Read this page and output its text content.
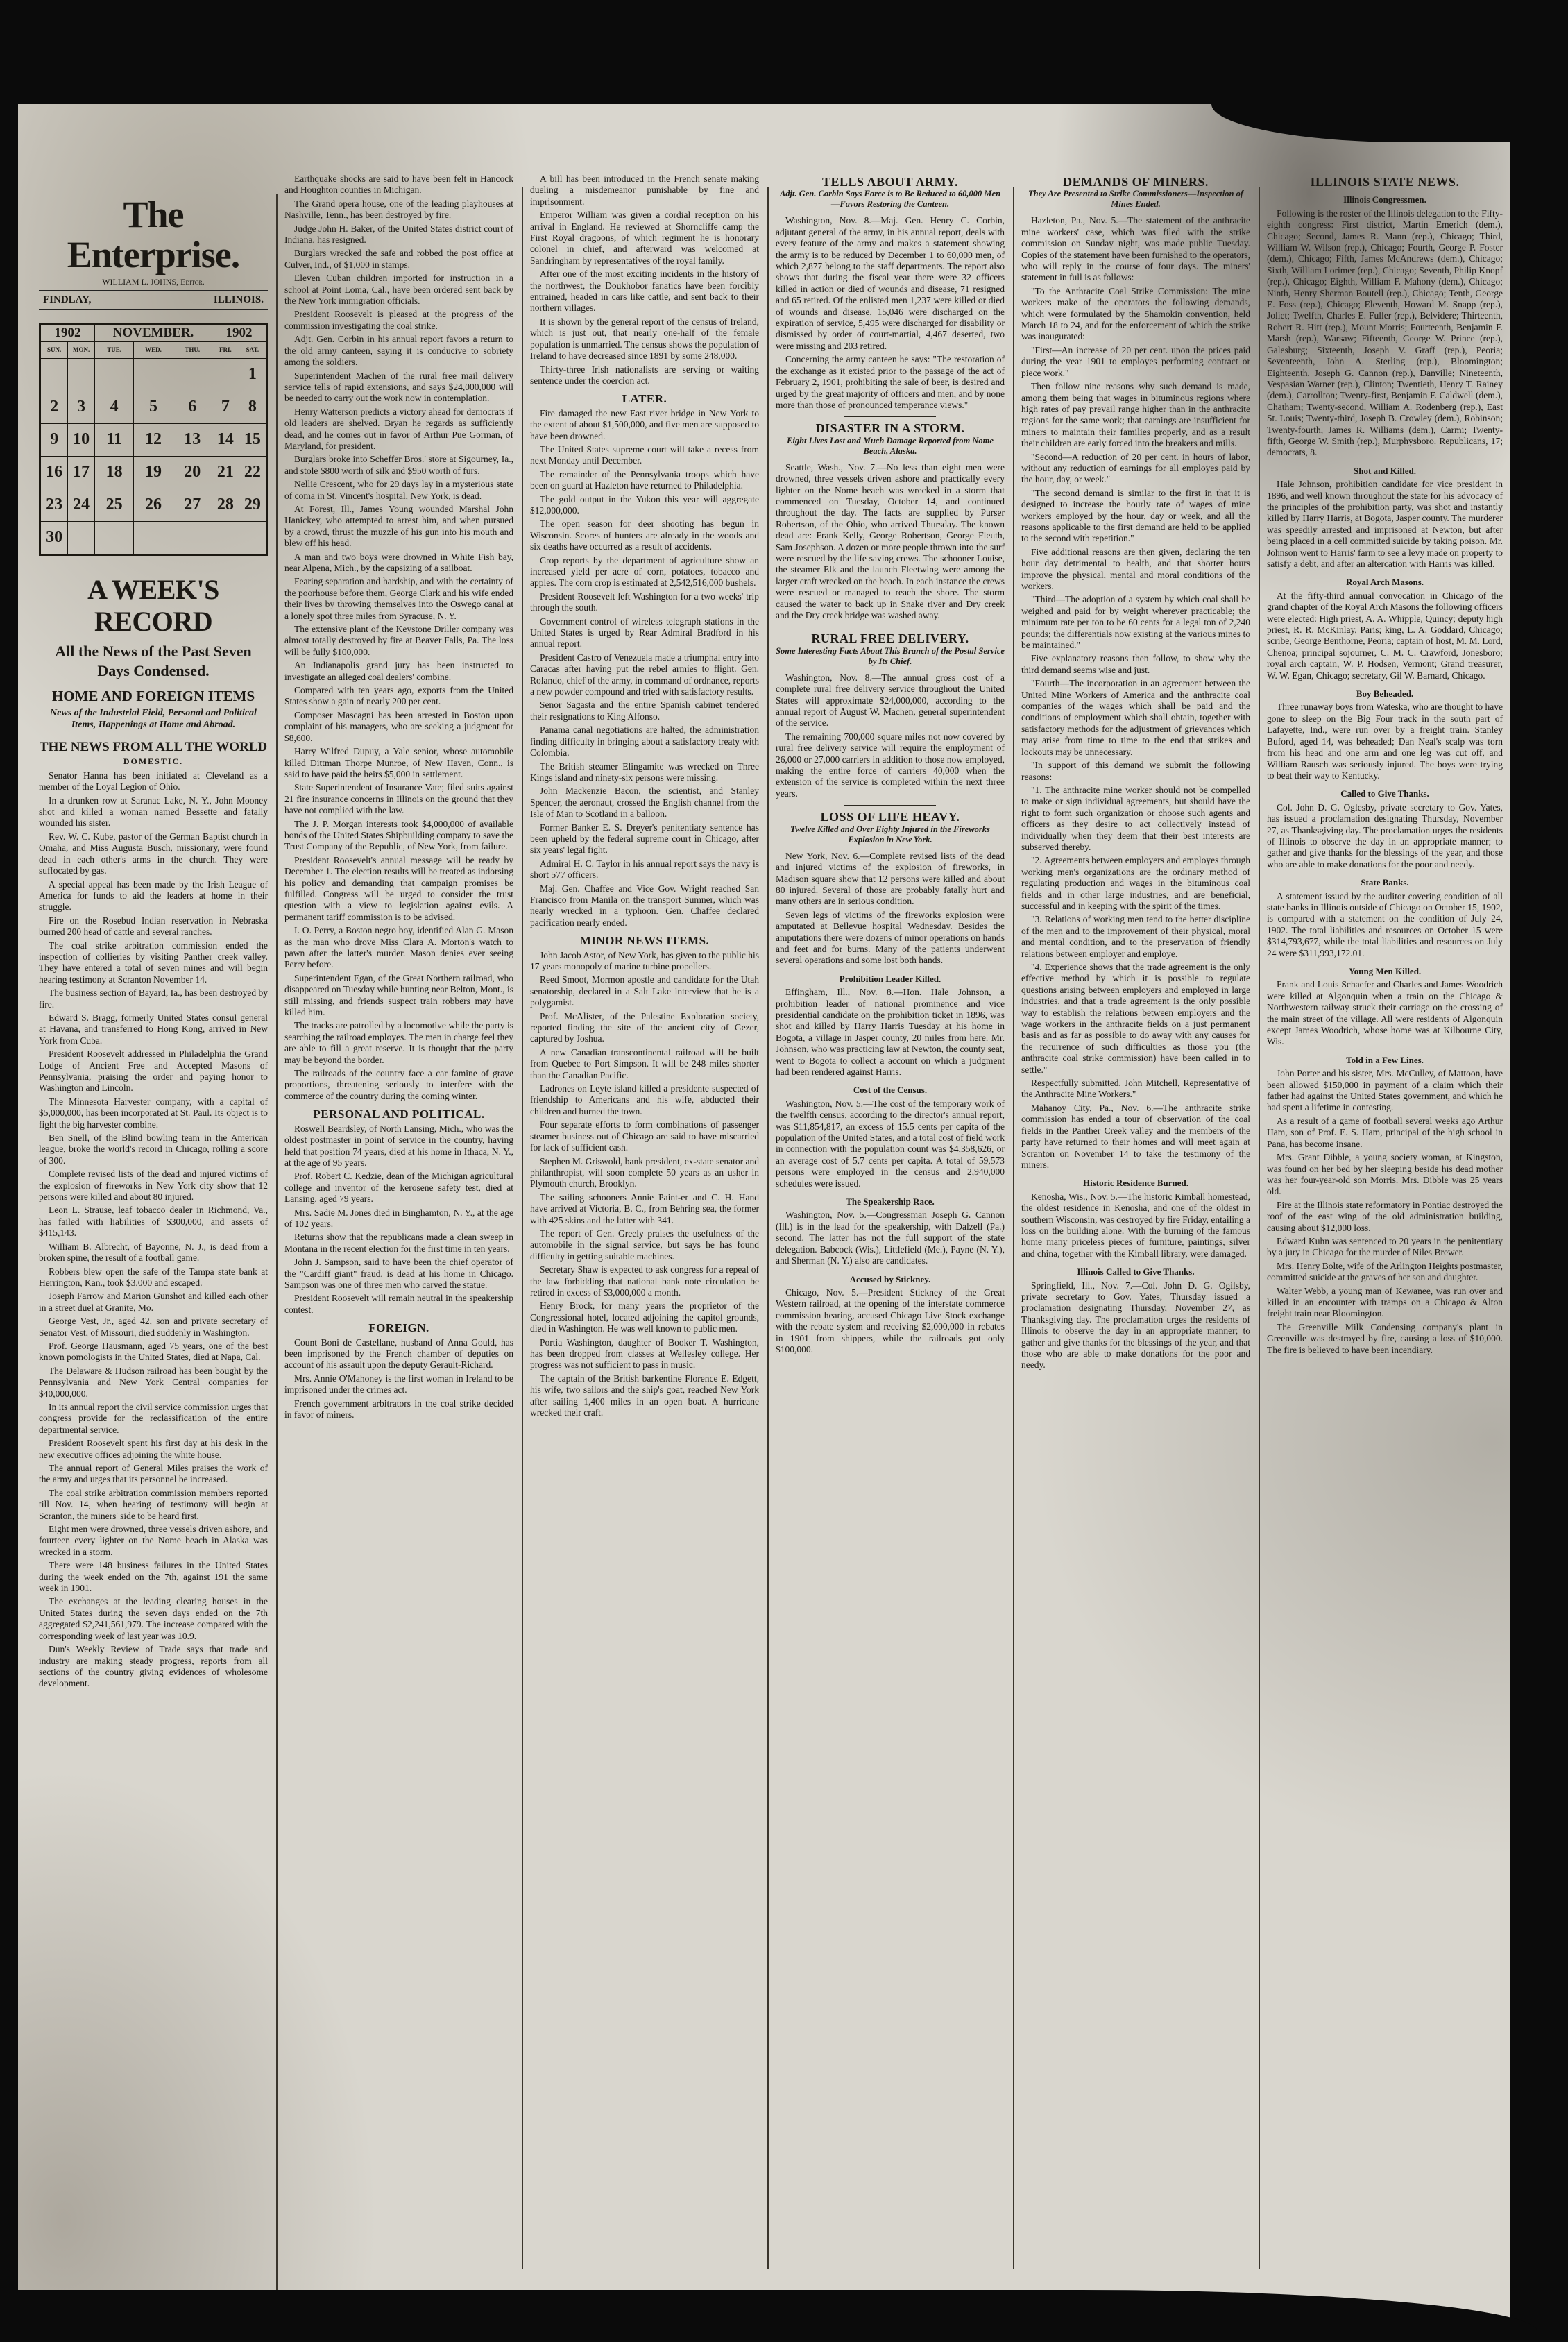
The Enterprise.
WILLIAM L. JOHNS, Editor.
FINDLAY,	ILLINOIS.
1902		NOVEMBER.			1902	
SUN.	MON.	TUE.	WED.	THU.	FRI.	SAT.
						1
2	3	4	5	6	7	8
9	10	11	12	13	14	15
16	17	18	19	20	21	22
23	24	25	26	27	28	29
30						
A WEEK'S RECORD
All the News of the Past Seven Days Condensed.
HOME AND FOREIGN ITEMS
News of the Industrial Field, Personal and Political Items, Happenings at Home and Abroad.
THE NEWS FROM ALL THE WORLD
DOMESTIC.

Senator Hanna has been initiated at Cleveland as a member of the Loyal Legion of Ohio.

In a drunken row at Saranac Lake, N. Y., John Mooney shot and killed a woman named Bessette and fatally wounded his sister.

Rev. W. C. Kube, pastor of the German Baptist church in Omaha, and Miss Augusta Busch, missionary, were found dead in each other's arms in the church. They were suffocated by gas.

A special appeal has been made by the Irish League of America for funds to aid the leaders at home in their struggle.

Fire on the Rosebud Indian reservation in Nebraska burned 200 head of cattle and several ranches.

The coal strike arbitration commission ended the inspection of collieries by visiting Panther creek valley. They have entered a total of seven mines and will begin hearing testimony at Scranton November 14.

The business section of Bayard, Ia., has been destroyed by fire.

Edward S. Bragg, formerly United States consul general at Havana, and transferred to Hong Kong, arrived in New York from Cuba.

President Roosevelt addressed in Philadelphia the Grand Lodge of Ancient Free and Accepted Masons of Pennsylvania, praising the order and paying honor to Washington and Lincoln.

The Minnesota Harvester company, with a capital of $5,000,000, has been incorporated at St. Paul. Its object is to fight the big harvester combine.

Ben Snell, of the Blind bowling team in the American league, broke the world's record in Chicago, rolling a score of 300.

Complete revised lists of the dead and injured victims of the explosion of fireworks in New York city show that 12 persons were killed and about 80 injured.

Leon L. Strause, leaf tobacco dealer in Richmond, Va., has failed with liabilities of $300,000, and assets of $415,143.

William B. Albrecht, of Bayonne, N. J., is dead from a broken spine, the result of a football game.

Robbers blew open the safe of the Tampa state bank at Herrington, Kan., took $3,000 and escaped.

Joseph Farrow and Marion Gunshot and killed each other in a street duel at Granite, Mo.

George Vest, Jr., aged 42, son and private secretary of Senator Vest, of Missouri, died suddenly in Washington.

Prof. George Hausmann, aged 75 years, one of the best known pomologists in the United States, died at Napa, Cal.

The Delaware & Hudson railroad has been bought by the Pennsylvania and New York Central companies for $40,000,000.

In its annual report the civil service commission urges that congress provide for the reclassification of the entire departmental service.

President Roosevelt spent his first day at his desk in the new executive offices adjoining the white house.

The annual report of General Miles praises the work of the army and urges that its personnel be increased.

The coal strike arbitration commission members reported till Nov. 14, when hearing of testimony will begin at Scranton, the miners' side to be heard first.

Eight men were drowned, three vessels driven ashore, and fourteen every lighter on the Nome beach in Alaska was wrecked in a storm.

There were 148 business failures in the United States during the week ended on the 7th, against 191 the same week in 1901.

The exchanges at the leading clearing houses in the United States during the seven days ended on the 7th aggregated $2,241,561,979. The increase compared with the corresponding week of last year was 10.9.

Dun's Weekly Review of Trade says that trade and industry are making steady progress, reports from all sections of the country giving evidences of wholesome development.

Earthquake shocks are said to have been felt in Hancock and Houghton counties in Michigan.

The Grand opera house, one of the leading playhouses at Nashville, Tenn., has been destroyed by fire.

Judge John H. Baker, of the United States district court of Indiana, has resigned.

Burglars wrecked the safe and robbed the post office at Culver, Ind., of $1,000 in stamps.

Eleven Cuban children imported for instruction in a school at Point Loma, Cal., have been ordered sent back by the New York immigration officials.

President Roosevelt is pleased at the progress of the commission investigating the coal strike.

Adjt. Gen. Corbin in his annual report favors a return to the old army canteen, saying it is conducive to sobriety among the soldiers.

Superintendent Machen of the rural free mail delivery service tells of rapid extensions, and says $24,000,000 will be needed to carry out the work now in contemplation.

Henry Watterson predicts a victory ahead for democrats if old leaders are shelved. Bryan he regards as sufficiently dead, and he comes out in favor of Arthur Pue Gorman, of Maryland, for president.

Burglars broke into Scheffer Bros.' store at Sigourney, Ia., and stole $800 worth of silk and $950 worth of furs.

Nellie Crescent, who for 29 days lay in a mysterious state of coma in St. Vincent's hospital, New York, is dead.

At Forest, Ill., James Young wounded Marshal John Hanickey, who attempted to arrest him, and when pursued by a crowd, thrust the muzzle of his gun into his mouth and blew off his head.

A man and two boys were drowned in White Fish bay, near Alpena, Mich., by the capsizing of a sailboat.

Fearing separation and hardship, and with the certainty of the poorhouse before them, George Clark and his wife ended their lives by throwing themselves into the Oswego canal at a lonely spot three miles from Syracuse, N. Y.

The extensive plant of the Keystone Driller company was almost totally destroyed by fire at Beaver Falls, Pa. The loss will be fully $100,000.

An Indianapolis grand jury has been instructed to investigate an alleged coal dealers' combine.

Compared with ten years ago, exports from the United States show a gain of nearly 200 per cent.

Composer Mascagni has been arrested in Boston upon complaint of his managers, who are seeking a judgment for $8,600.

Harry Wilfred Dupuy, a Yale senior, whose automobile killed Dittman Thorpe Munroe, of New Haven, Conn., is said to have paid the heirs $5,000 in settlement.

State Superintendent of Insurance Vate; filed suits against 21 fire insurance concerns in Illinois on the ground that they have not complied with the law.

The J. P. Morgan interests took $4,000,000 of available bonds of the United States Shipbuilding company to save the Trust Company of the Republic, of New York, from failure.

President Roosevelt's annual message will be ready by December 1. The election results will be treated as indorsing his policy and demanding that campaign promises be fulfilled. Congress will be urged to consider the trust question with a view to legislation against evils. A permanent tariff commission is to be advised.

I. O. Perry, a Boston negro boy, identified Alan G. Mason as the man who drove Miss Clara A. Morton's watch to pawn after the latter's murder. Mason denies ever seeing Perry before.

Superintendent Egan, of the Great Northern railroad, who disappeared on Tuesday while hunting near Belton, Mont., is still missing, and friends suspect train robbers may have killed him.

The tracks are patrolled by a locomotive while the party is searching the railroad employes. The men in charge feel they are able to fill a great reserve. It is thought that the party may be beyond the border.

The railroads of the country face a car famine of grave proportions, threatening seriously to interfere with the commerce of the country during the coming winter.

PERSONAL AND POLITICAL.

Roswell Beardsley, of North Lansing, Mich., who was the oldest postmaster in point of service in the country, having held that position 74 years, died at his home in Ithaca, N. Y., at the age of 95 years.

Prof. Robert C. Kedzie, dean of the Michigan agricultural college and inventor of the kerosene safety test, died at Lansing, aged 79 years.

Mrs. Sadie M. Jones died in Binghamton, N. Y., at the age of 102 years.

Returns show that the republicans made a clean sweep in Montana in the recent election for the first time in ten years.

John J. Sampson, said to have been the chief operator of the "Cardiff giant" fraud, is dead at his home in Chicago. Sampson was one of three men who carved the statue.

President Roosevelt will remain neutral in the speakership contest.

FOREIGN.

Count Boni de Castellane, husband of Anna Gould, has been imprisoned by the French chamber of deputies on account of his assault upon the deputy Gerault-Richard.

Mrs. Annie O'Mahoney is the first woman in Ireland to be imprisoned under the crimes act.

French government arbitrators in the coal strike decided in favor of miners.

A bill has been introduced in the French senate making dueling a misdemeanor punishable by fine and imprisonment.

Emperor William was given a cordial reception on his arrival in England. He reviewed at Shorncliffe camp the First Royal dragoons, of which regiment he is honorary colonel in chief, and afterward was welcomed at Sandringham by representatives of the royal family.

After one of the most exciting incidents in the history of the northwest, the Doukhobor fanatics have been forcibly entrained, headed in cars like cattle, and sent back to their northern villages.

It is shown by the general report of the census of Ireland, which is just out, that nearly one-half of the female population is unmarried. The census shows the population of Ireland to have decreased since 1891 by some 248,000.

Thirty-three Irish nationalists are serving or waiting sentence under the coercion act.

LATER.

Fire damaged the new East river bridge in New York to the extent of about $1,500,000, and five men are supposed to have been drowned.

The United States supreme court will take a recess from next Monday until December.

The remainder of the Pennsylvania troops which have been on guard at Hazleton have returned to Philadelphia.

The gold output in the Yukon this year will aggregate $12,000,000.

The open season for deer shooting has begun in Wisconsin. Scores of hunters are already in the woods and six deaths have occurred as a result of accidents.

Crop reports by the department of agriculture show an increased yield per acre of corn, potatoes, tobacco and apples. The corn crop is estimated at 2,542,516,000 bushels.

President Roosevelt left Washington for a two weeks' trip through the south.

Government control of wireless telegraph stations in the United States is urged by Rear Admiral Bradford in his annual report.

President Castro of Venezuela made a triumphal entry into Caracas after having put the rebel armies to flight. Gen. Rolando, chief of the army, in command of ordnance, reports a new powder compound and tried with satisfactory results.

Senor Sagasta and the entire Spanish cabinet tendered their resignations to King Alfonso.

Panama canal negotiations are halted, the administration finding difficulty in bringing about a satisfactory treaty with Colombia.

The British steamer Elingamite was wrecked on Three Kings island and ninety-six persons were missing.

John Mackenzie Bacon, the scientist, and Stanley Spencer, the aeronaut, crossed the English channel from the Isle of Man to Scotland in a balloon.

Former Banker E. S. Dreyer's penitentiary sentence has been upheld by the federal supreme court in Chicago, after six years' legal fight.

Admiral H. C. Taylor in his annual report says the navy is short 577 officers.

Maj. Gen. Chaffee and Vice Gov. Wright reached San Francisco from Manila on the transport Sumner, which was nearly wrecked in a typhoon. Gen. Chaffee declared pacification nearly ended.

MINOR NEWS ITEMS.

John Jacob Astor, of New York, has given to the public his 17 years monopoly of marine turbine propellers.

Reed Smoot, Mormon apostle and candidate for the Utah senatorship, declared in a Salt Lake interview that he is a polygamist.

Prof. McAlister, of the Palestine Exploration society, reported finding the site of the ancient city of Gezer, captured by Joshua.

A new Canadian transcontinental railroad will be built from Quebec to Port Simpson. It will be 248 miles shorter than the Canadian Pacific.

Ladrones on Leyte island killed a presidente suspected of friendship to Americans and his wife, abducted their children and burned the town.

Four separate efforts to form combinations of passenger steamer business out of Chicago are said to have miscarried for lack of sufficient cash.

Stephen M. Griswold, bank president, ex-state senator and philanthropist, will soon complete 50 years as an usher in Plymouth church, Brooklyn.

The sailing schooners Annie Paint-er and C. H. Hand have arrived at Victoria, B. C., from Behring sea, the former with 425 skins and the latter with 341.

The report of Gen. Greely praises the usefulness of the automobile in the signal service, but says he has found difficulty in getting suitable machines.

Secretary Shaw is expected to ask congress for a repeal of the law forbidding that national bank note circulation be retired in excess of $3,000,000 a month.

Henry Brock, for many years the proprietor of the Congressional hotel, located adjoining the capitol grounds, died in Washington. He was well known to public men.

Portia Washington, daughter of Booker T. Washington, has been dropped from classes at Wellesley college. Her progress was not sufficient to pass in music.

The captain of the British barkentine Florence E. Edgett, his wife, two sailors and the ship's goat, reached New York after sailing 1,400 miles in an open boat. A hurricane wrecked their craft.

TELLS ABOUT ARMY.
Adjt. Gen. Corbin Says Force is to Be Reduced to 60,000 Men—Favors Restoring the Canteen.

Washington, Nov. 8.—Maj. Gen. Henry C. Corbin, adjutant general of the army, in his annual report, deals with every feature of the army and makes a statement showing the army is to be reduced by December 1 to 60,000 men, of which 2,877 belong to the staff departments. The report also shows that during the fiscal year there were 32 officers killed in action or died of wounds and disease, 71 resigned and 65 retired. Of the enlisted men 1,237 were killed or died of wounds and disease, 15,046 were discharged on the expiration of service, 5,495 were discharged for disability or dismissed by order of court-martial, 4,467 deserted, two were missing and 203 retired.

Concerning the army canteen he says: "The restoration of the exchange as it existed prior to the passage of the act of February 2, 1901, prohibiting the sale of beer, is desired and urged by the great majority of officers and men, and by none more than those of pronounced temperance views."

DISASTER IN A STORM.
Eight Lives Lost and Much Damage Reported from Nome Beach, Alaska.

Seattle, Wash., Nov. 7.—No less than eight men were drowned, three vessels driven ashore and practically every lighter on the Nome beach was wrecked in a storm that commenced on Tuesday, October 14, and continued throughout the day. The facts are supplied by Purser Robertson, of the Ohio, who arrived Thursday. The known dead are: Frank Kelly, George Robertson, George Fleuth, Sam Josephson. A dozen or more people thrown into the surf were rescued by the life saving crews. The schooner Louise, the steamer Elk and the launch Fleetwing were among the larger craft wrecked on the beach. In each instance the crews were rescued or managed to reach the shore. The storm caused the water to back up in Snake river and Dry creek and the Dry creek bridge was washed away.

RURAL FREE DELIVERY.
Some Interesting Facts About This Branch of the Postal Service by Its Chief.

Washington, Nov. 8.—The annual gross cost of a complete rural free delivery service throughout the United States will approximate $24,000,000, according to the annual report of August W. Machen, general superintendent of the service.

The remaining 700,000 square miles not now covered by rural free delivery service will require the employment of 26,000 or 27,000 carriers in addition to those now employed, making the entire force of carriers 40,000 when the extension of the service is completed within the next three years.

LOSS OF LIFE HEAVY.
Twelve Killed and Over Eighty Injured in the Fireworks Explosion in New York.

New York, Nov. 6.—Complete revised lists of the dead and injured victims of the explosion of fireworks, in Madison square show that 12 persons were killed and about 80 injured. Several of those are probably fatally hurt and many others are in serious condition.

Seven legs of victims of the fireworks explosion were amputated at Bellevue hospital Wednesday. Besides the amputations there were dozens of minor operations on hands and feet and for burns. Many of the patients underwent several operations and some lost both hands.

Prohibition Leader Killed.

Effingham, Ill., Nov. 8.—Hon. Hale Johnson, a prohibition leader of national prominence and vice presidential candidate on the prohibition ticket in 1896, was shot and killed by Harry Harris Tuesday at his home in Bogota, a village in Jasper county, 20 miles from here. Mr. Johnson, who was practicing law at Newton, the county seat, went to Bogota to collect a account on which a judgment had been rendered against Harris.

Cost of the Census.

Washington, Nov. 5.—The cost of the temporary work of the twelfth census, according to the director's annual report, was $11,854,817, an excess of 15.5 cents per capita of the population of the United States, and a total cost of field work in connection with the population count was $4,358,626, or an average cost of 5.7 cents per capita. A total of 59,573 persons were employed in the census and 2,940,000 schedules were issued.

The Speakership Race.

Washington, Nov. 5.—Congressman Joseph G. Cannon (Ill.) is in the lead for the speakership, with Dalzell (Pa.) second. The latter has not the full support of the state delegation. Babcock (Wis.), Littlefield (Me.), Payne (N. Y.), and Sherman (N. Y.) also are candidates.

Accused by Stickney.

Chicago, Nov. 5.—President Stickney of the Great Western railroad, at the opening of the interstate commerce commission hearing, accused Chicago Live Stock exchange with the rebate system and receiving $2,000,000 in rebates in 1901 from shippers, while the railroads got only $100,000.

DEMANDS OF MINERS.
They Are Presented to Strike Commissioners—Inspection of Mines Ended.

Hazleton, Pa., Nov. 5.—The statement of the anthracite mine workers' case, which was filed with the strike commission on Sunday night, was made public Tuesday. Copies of the statement have been furnished to the operators, who will reply in the course of four days. The miners' statement in full is as follows:

"To the Anthracite Coal Strike Commission: The mine workers make of the operators the following demands, which were formulated by the Shamokin convention, held March 18 to 24, and for the enforcement of which the strike was inaugurated:

"First—An increase of 20 per cent. upon the prices paid during the year 1901 to employes performing contract or piece work."

Then follow nine reasons why such demand is made, among them being that wages in bituminous regions where high rates of pay prevail range higher than in the anthracite regions for the same work; that earnings are insufficient for miners to maintain their families properly, and as a result their children are early forced into the breakers and mills.

"Second—A reduction of 20 per cent. in hours of labor, without any reduction of earnings for all employes paid by the hour, day, or week."

"The second demand is similar to the first in that it is designed to increase the hourly rate of wages of mine workers employed by the hour, day or week, and all the reasons applicable to the first demand are held to be applied to the second with repetition."

Five additional reasons are then given, declaring the ten hour day detrimental to health, and that shorter hours improve the physical, mental and moral conditions of the workers.

"Third—The adoption of a system by which coal shall be weighed and paid for by weight wherever practicable; the minimum rate per ton to be 60 cents for a legal ton of 2,240 pounds; the differentials now existing at the various mines to be maintained."

Five explanatory reasons then follow, to show why the third demand seems wise and just.

"Fourth—The incorporation in an agreement between the United Mine Workers of America and the anthracite coal companies of the wages which shall be paid and the conditions of employment which shall obtain, together with satisfactory methods for the adjustment of grievances which may arise from time to time to the end that strikes and lockouts may be unnecessary.

"In support of this demand we submit the following reasons:

"1. The anthracite mine worker should not be compelled to make or sign individual agreements, but should have the right to form such organization or choose such agents and officers as they desire to act collectively instead of individually when they deem that their best interests are subserved thereby.

"2. Agreements between employers and employes through working men's organizations are the ordinary method of regulating production and wages in the bituminous coal fields and in other large industries, and are beneficial, successful and in keeping with the spirit of the times.

"3. Relations of working men tend to the better discipline of the men and to the improvement of their physical, moral and mental condition, and to the preservation of friendly relations between employer and employe.

"4. Experience shows that the trade agreement is the only effective method by which it is possible to regulate questions arising between employers and employed in large industries, and that a trade agreement is the only possible way to establish the relations between employers and the wage workers in the anthracite fields on a just permanent basis and as far as possible to do away with any causes for the recurrence of such difficulties as those you (the anthracite coal strike commission) have been called in to settle."

Respectfully submitted, John Mitchell, Representative of the Anthracite Mine Workers."

Mahanoy City, Pa., Nov. 6.—The anthracite strike commission has ended a tour of observation of the coal fields in the Panther Creek valley and the members of the party have returned to their homes and will meet again at Scranton on November 14 to take the testimony of the miners.

Historic Residence Burned.

Kenosha, Wis., Nov. 5.—The historic Kimball homestead, the oldest residence in Kenosha, and one of the oldest in southern Wisconsin, was destroyed by fire Friday, entailing a loss on the building alone. With the burning of the famous home many priceless pieces of furniture, paintings, silver and china, together with the Kimball library, were damaged.

Illinois Called to Give Thanks.

Springfield, Ill., Nov. 7.—Col. John D. G. Ogilsby, private secretary to Gov. Yates, Thursday issued a proclamation designating Thursday, November 27, as Thanksgiving day. The proclamation urges the residents of Illinois to observe the day in an appropriate manner; to gather and give thanks for the blessings of the year, and that those who are able to make donations for the poor and needy.

ILLINOIS STATE NEWS.
Illinois Congressmen.

Following is the roster of the Illinois delegation to the Fifty-eighth congress: First district, Martin Emerich (dem.), Chicago; Second, James R. Mann (rep.), Chicago; Third, William W. Wilson (rep.), Chicago; Fourth, George P. Foster (dem.), Chicago; Fifth, James McAndrews (dem.), Chicago; Sixth, William Lorimer (rep.), Chicago; Seventh, Philip Knopf (rep.), Chicago; Eighth, William F. Mahony (dem.), Chicago; Ninth, Henry Sherman Boutell (rep.), Chicago; Tenth, George E. Foss (rep.), Chicago; Eleventh, Howard M. Snapp (rep.), Joliet; Twelfth, Charles E. Fuller (rep.), Belvidere; Thirteenth, Robert R. Hitt (rep.), Mount Morris; Fourteenth, Benjamin F. Marsh (rep.), Warsaw; Fifteenth, George W. Prince (rep.), Galesburg; Sixteenth, Joseph V. Graff (rep.), Peoria; Seventeenth, John A. Sterling (rep.), Bloomington; Eighteenth, Joseph G. Cannon (rep.), Danville; Nineteenth, Vespasian Warner (rep.), Clinton; Twentieth, Henry T. Rainey (dem.), Carrollton; Twenty-first, Benjamin F. Caldwell (dem.), Chatham; Twenty-second, William A. Rodenberg (rep.), East St. Louis; Twenty-third, Joseph B. Crowley (dem.), Robinson; Twenty-fourth, James R. Williams (dem.), Carmi; Twenty-fifth, George W. Smith (rep.), Murphysboro. Republicans, 17; democrats, 8.

Shot and Killed.

Hale Johnson, prohibition candidate for vice president in 1896, and well known throughout the state for his advocacy of the principles of the prohibition party, was shot and instantly killed by Harry Harris, at Bogota, Jasper county. The murderer was speedily arrested and imprisoned at Newton, but after being placed in a cell committed suicide by taking poison. Mr. Johnson went to Harris' farm to see a levy made on property to satisfy a debt, and after an altercation with Harris was killed.

Royal Arch Masons.

At the fifty-third annual convocation in Chicago of the grand chapter of the Royal Arch Masons the following officers were elected: High priest, A. A. Whipple, Quincy; deputy high priest, R. R. McKinlay, Paris; king, L. A. Goddard, Chicago; scribe, George Benthorne, Peoria; captain of host, M. M. Lord, Chenoa; principal sojourner, C. M. C. Crawford, Jonesboro; royal arch captain, W. P. Hodsen, Vermont; Grand treasurer, W. W. Egan, Chicago; secretary, Gil W. Barnard, Chicago.

Boy Beheaded.

Three runaway boys from Wateska, who are thought to have gone to sleep on the Big Four track in the south part of Lafayette, Ind., were run over by a freight train. Stanley Buford, aged 14, was beheaded; Dan Neal's scalp was torn from his head and one arm and one leg was cut off, and William Rausch was seriously injured. The boys were trying to beat their way to Kentucky.

Called to Give Thanks.

Col. John D. G. Oglesby, private secretary to Gov. Yates, has issued a proclamation designating Thursday, November 27, as Thanksgiving day. The proclamation urges the residents of Illinois to observe the day in an appropriate manner; to gather and give thanks for the blessings of the year, and those who are able to make donations for the poor and needy.

State Banks.

A statement issued by the auditor covering condition of all state banks in Illinois outside of Chicago on October 15, 1902, is compared with a statement on the condition of July 24, 1902. The total liabilities and resources on October 15 were $314,793,677, while the total liabilities and resources on July 24 were $311,993,172.01.

Young Men Killed.

Frank and Louis Schaefer and Charles and James Woodrich were killed at Algonquin when a train on the Chicago & Northwestern railway struck their carriage on the crossing of the main street of the village. All were residents of Algonquin except James Woodrich, whose home was at Kilbourne City, Wis.

Told in a Few Lines.

John Porter and his sister, Mrs. McCulley, of Mattoon, have been allowed $150,000 in payment of a claim which their father had against the United States government, and which he had spent a lifetime in contesting.

As a result of a game of football several weeks ago Arthur Ham, son of Prof. E. S. Ham, principal of the high school in Pana, has become insane.

Mrs. Grant Dibble, a young society woman, at Kingston, was found on her bed by her sleeping beside his dead mother was her four-year-old son Morris. Mrs. Dibble was 25 years old.

Fire at the Illinois state reformatory in Pontiac destroyed the roof of the east wing of the old administration building, causing about $12,000 loss.

Edward Kuhn was sentenced to 20 years in the penitentiary by a jury in Chicago for the murder of Niles Brewer.

Mrs. Henry Bolte, wife of the Arlington Heights postmaster, committed suicide at the graves of her son and daughter.

Walter Webb, a young man of Kewanee, was run over and killed in an encounter with tramps on a Chicago & Alton freight train near Bloomington.

The Greenville Milk Condensing company's plant in Greenville was destroyed by fire, causing a loss of $10,000. The fire is believed to have been incendiary.
